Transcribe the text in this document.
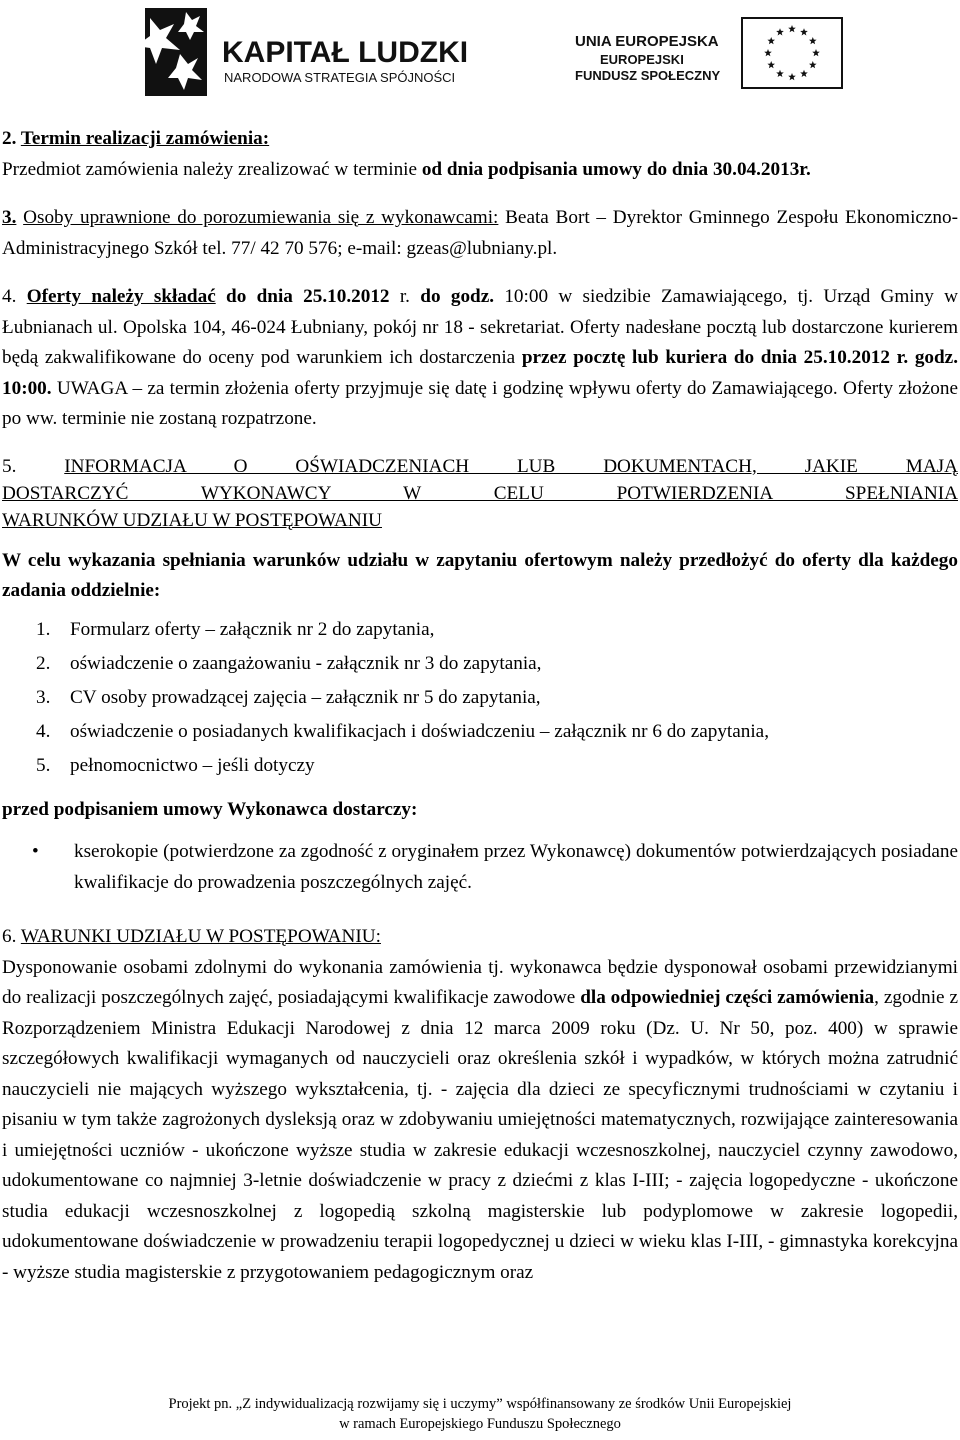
KAPITAŁ LUDZKI
NARODOWA STRATEGIA SPÓJNOŚCI
UNIA EUROPEJSKA
EUROPEJSKI
FUNDUSZ SPOŁECZNY

2. Termin realizacji zamówienia:

Przedmiot zamówienia należy zrealizować w terminie od dnia podpisania umowy do dnia 30.04.2013r.

3. Osoby uprawnione do porozumiewania się z wykonawcami: Beata Bort – Dyrektor Gminnego Zespołu Ekonomiczno-Administracyjnego Szkół tel. 77/ 42 70 576; e-mail: gzeas@lubniany.pl.

4. Oferty należy składać do dnia 25.10.2012 r. do godz. 10:00 w siedzibie Zamawiającego, tj. Urząd Gminy w Łubnianach ul. Opolska 104, 46-024 Łubniany, pokój nr 18 - sekretariat. Oferty nadesłane pocztą lub dostarczone kurierem będą zakwalifikowane do oceny pod warunkiem ich dostarczenia przez pocztę lub kuriera do dnia 25.10.2012 r. godz. 10:00. UWAGA – za termin złożenia oferty przyjmuje się datę i godzinę wpływu oferty do Zamawiającego. Oferty złożone po ww. terminie nie zostaną rozpatrzone.

5. INFORMACJA O OŚWIADCZENIACH LUB DOKUMENTACH, JAKIE MAJĄ

DOSTARCZYĆ WYKONAWCY W CELU POTWIERDZENIA SPEŁNIANIA

WARUNKÓW UDZIAŁU W POSTĘPOWANIU

W celu wykazania spełniania warunków udziału w zapytaniu ofertowym należy przedłożyć do oferty dla każdego zadania oddzielnie:

1.	Formularz oferty – załącznik nr 2 do zapytania,
2.	oświadczenie o zaangażowaniu - załącznik nr 3 do zapytania,
3.	CV osoby prowadzącej zajęcia – załącznik nr 5 do zapytania,
4.	oświadczenie o posiadanych kwalifikacjach i doświadczeniu – załącznik nr 6 do zapytania,
5.	pełnomocnictwo – jeśli dotyczy

przed podpisaniem umowy Wykonawca dostarczy:

•	kserokopie (potwierdzone za zgodność z oryginałem przez Wykonawcę) dokumentów potwierdzających posiadane kwalifikacje do prowadzenia poszczególnych zajęć.

6. WARUNKI UDZIAŁU W POSTĘPOWANIU:

Dysponowanie osobami zdolnymi do wykonania zamówienia tj. wykonawca będzie dysponował osobami przewidzianymi do realizacji poszczególnych zajęć, posiadającymi kwalifikacje zawodowe dla odpowiedniej części zamówienia, zgodnie z Rozporządzeniem Ministra Edukacji Narodowej z dnia 12 marca 2009 roku (Dz. U. Nr 50, poz. 400) w sprawie szczegółowych kwalifikacji wymaganych od nauczycieli oraz określenia szkół i wypadków, w których można zatrudnić nauczycieli nie mających wyższego wykształcenia, tj. - zajęcia dla dzieci ze specyficznymi trudnościami w czytaniu i pisaniu w tym także zagrożonych dysleksją oraz w zdobywaniu umiejętności matematycznych, rozwijające zainteresowania i umiejętności uczniów - ukończone wyższe studia w zakresie edukacji wczesnoszkolnej, nauczyciel czynny zawodowo, udokumentowane co najmniej 3-letnie doświadczenie w pracy z dziećmi z klas I-III; - zajęcia logopedyczne - ukończone studia edukacji wczesnoszkolnej z logopedią szkolną magisterskie lub podyplomowe w zakresie logopedii, udokumentowane doświadczenie w prowadzeniu terapii logopedycznej u dzieci w wieku klas I-III, - gimnastyka korekcyjna - wyższe studia magisterskie z przygotowaniem pedagogicznym oraz

Projekt pn. „Z indywidualizacją rozwijamy się i uczymy” współfinansowany ze środków Unii Europejskiej
w ramach Europejskiego Funduszu Społecznego
